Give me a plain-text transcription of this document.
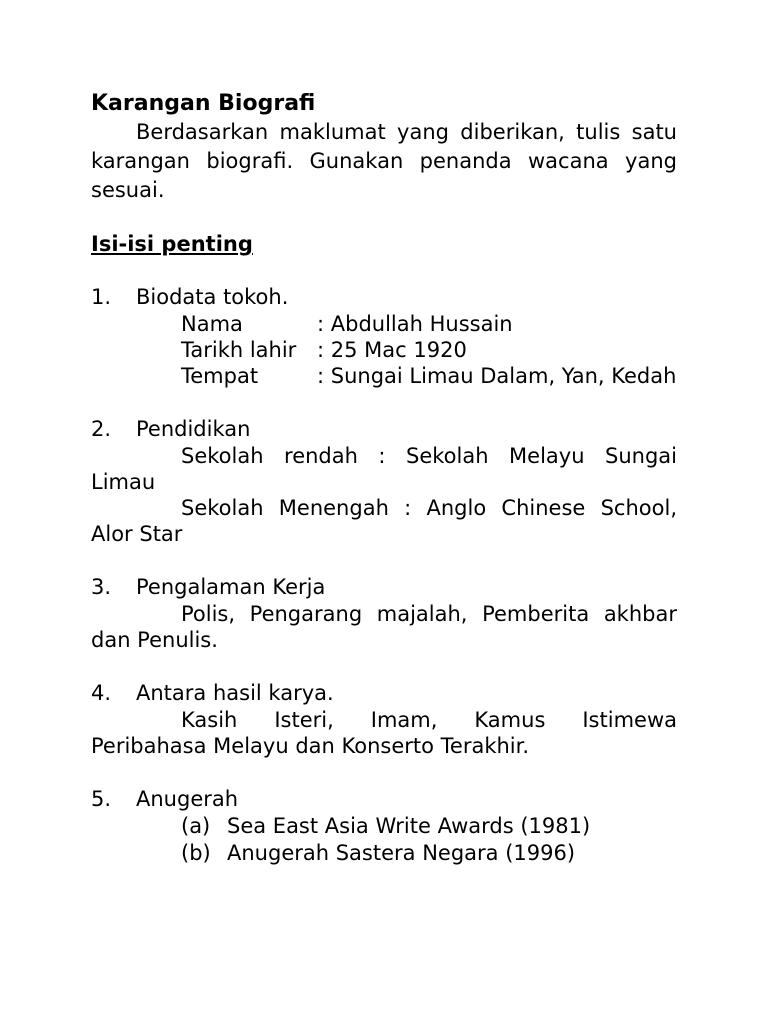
Karangan Biografi

Berdasarkan maklumat yang diberikan, tulis satu karangan biografi. Gunakan penanda wacana yang sesuai.

Isi-isi penting

1.	Biodata tokoh.
Nama	: Abdullah Hussain
Tarikh lahir : 25 Mac 1920

Tempat	: Sungai Limau Dalam, Yan, Kedah

2.	Pendidikan

Sekolah rendah : Sekolah Melayu Sungai Limau

Sekolah Menengah : Anglo Chinese School, Alor Star

3.	Pengalaman Kerja

Polis, Pengarang majalah, Pemberita akhbar dan Penulis.

4.	Antara hasil karya.

Kasih Isteri, Imam, Kamus Istimewa Peribahasa Melayu dan Konserto Terakhir.

5.	Anugerah
(a) Sea East Asia Write Awards (1981)
(b) Anugerah Sastera Negara (1996)
